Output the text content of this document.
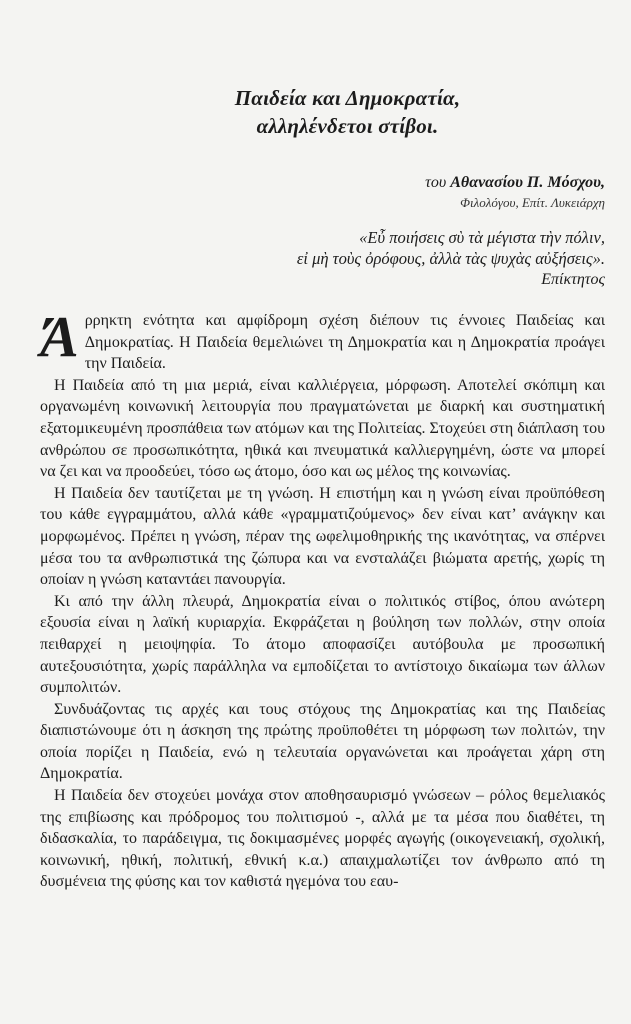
Παιδεία και Δημοκρατία,
αλληλένδετοι στίβοι.
του Αθανασίου Π. Μόσχου,
Φιλολόγου, Επίτ. Λυκειάρχη
«Εὖ ποιήσεις σὺ τὰ μέγιστα τὴν πόλιν,
εἰ μὴ τοὺς ὀρόφους, ἀλλὰ τὰς ψυχὰς αὐξήσεις».
Επίκτητος

Άρρηκτη ενότητα και αμφίδρομη σχέση διέπουν τις έννοιες Παιδείας και Δημοκρατίας. Η Παιδεία θεμελιώνει τη Δημοκρατία και η Δημοκρατία προάγει την Παιδεία.

Η Παιδεία από τη μια μεριά, είναι καλλιέργεια, μόρφωση. Αποτελεί σκόπιμη και οργανωμένη κοινωνική λειτουργία που πραγματώνεται με διαρκή και συστηματική εξατομικευμένη προσπάθεια των ατόμων και της Πολιτείας. Στοχεύει στη διάπλαση του ανθρώπου σε προσωπικότητα, ηθικά και πνευματικά καλλιεργημένη, ώστε να μπορεί να ζει και να προοδεύει, τόσο ως άτομο, όσο και ως μέλος της κοινωνίας.

Η Παιδεία δεν ταυτίζεται με τη γνώση. Η επιστήμη και η γνώση είναι προϋπόθεση του κάθε εγγραμμάτου, αλλά κάθε «γραμματιζούμενος» δεν είναι κατ’ ανάγκην και μορφωμένος. Πρέπει η γνώση, πέραν της ωφελιμοθηρικής της ικανότητας, να σπέρνει μέσα του τα ανθρωπιστικά της ζώπυρα και να ενσταλάζει βιώματα αρετής, χωρίς τη οποίαν η γνώση καταντάει πανουργία.

Κι από την άλλη πλευρά, Δημοκρατία είναι ο πολιτικός στίβος, όπου ανώτερη εξουσία είναι η λαϊκή κυριαρχία. Εκφράζεται η βούληση των πολλών, στην οποία πειθαρχεί η μειοψηφία. Το άτομο αποφασίζει αυτόβουλα με προσωπική αυτεξουσιότητα, χωρίς παράλληλα να εμποδίζεται το αντίστοιχο δικαίωμα των άλλων συμπολιτών.

Συνδυάζοντας τις αρχές και τους στόχους της Δημοκρατίας και της Παιδείας διαπιστώνουμε ότι η άσκηση της πρώτης προϋποθέτει τη μόρφωση των πολιτών, την οποία πορίζει η Παιδεία, ενώ η τελευταία οργανώνεται και προάγεται χάρη στη Δημοκρατία.

Η Παιδεία δεν στοχεύει μονάχα στον αποθησαυρισμό γνώσεων – ρόλος θεμελιακός της επιβίωσης και πρόδρομος του πολιτισμού -, αλλά με τα μέσα που διαθέτει, τη διδασκαλία, το παράδειγμα, τις δοκιμασμένες μορφές αγωγής (οικογενειακή, σχολική, κοινωνική, ηθική, πολιτική, εθνική κ.α.) απαιχμαλωτίζει τον άνθρωπο από τη δυσμένεια της φύσης και τον καθιστά ηγεμόνα του εαυ-
